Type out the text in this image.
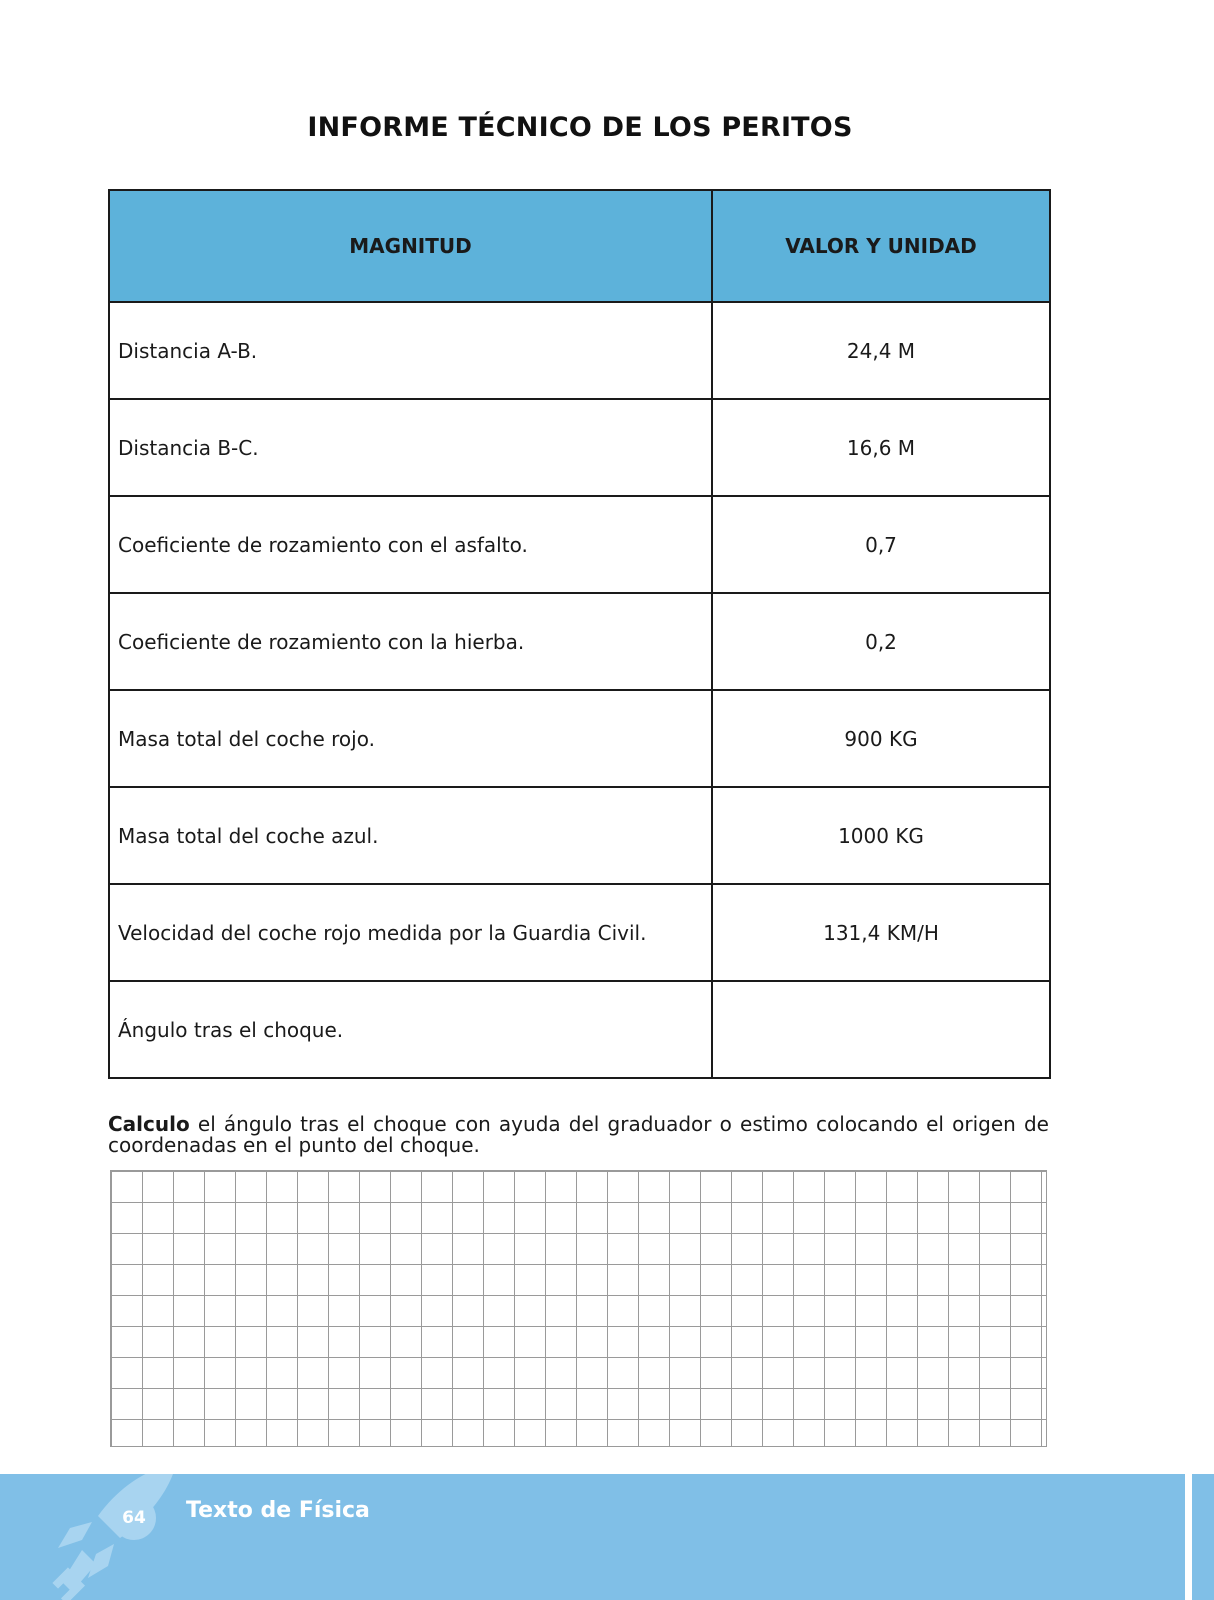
INFORME TÉCNICO DE LOS PERITOS
MAGNITUD	VALOR Y UNIDAD
Distancia A-B.	24,4 M
Distancia B-C.	16,6 M
Coeficiente de rozamiento con el asfalto.	0,7
Coeficiente de rozamiento con la hierba.	0,2
Masa total del coche rojo.	900 KG
Masa total del coche azul.	1000 KG
Velocidad del coche rojo medida por la Guardia Civil.	131,4 KM/H
Ángulo tras el choque.	
Calculo el ángulo tras el choque con ayuda del graduador o estimo colocando el origen de coordenadas en el punto del choque.
64	Texto de Física
